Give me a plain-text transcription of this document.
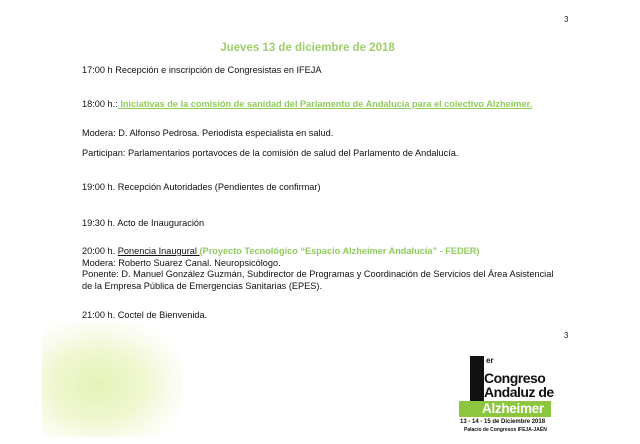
3
Jueves 13 de diciembre de 2018
17:00 h Recepción e inscripción de Congresistas en IFEJA
18:00 h.: Iniciativas de la comisión de sanidad del Parlamento de Andalucía para el colectivo Alzheimer.
Modera: D. Alfonso Pedrosa. Periodista especialista en salud.
Participan: Parlamentarios portavoces de la comisión de salud del Parlamento de Andalucía.
19:00 h. Recepción Autoridades (Pendientes de confirmar)
19:30 h. Acto de Inauguración
20:00 h. Ponencia Inaugural (Proyecto Tecnológico “Espacio Alzheimer Andalucía” - FEDER)
Modera: Roberto Suarez Canal. Neuropsicólogo.
Ponente: D. Manuel González Guzmán, Subdirector de Programas y Coordinación de Servicios del Área Asistencial de la Empresa Pública de Emergencias Sanitarias (EPES).
21:00 h. Coctel de Bienvenida.
3
er
Congreso
Andaluz de
Alzheimer
13 - 14 - 15 de Diciembre 2018
Palacio de Congresos IFEJA-JAÉN
